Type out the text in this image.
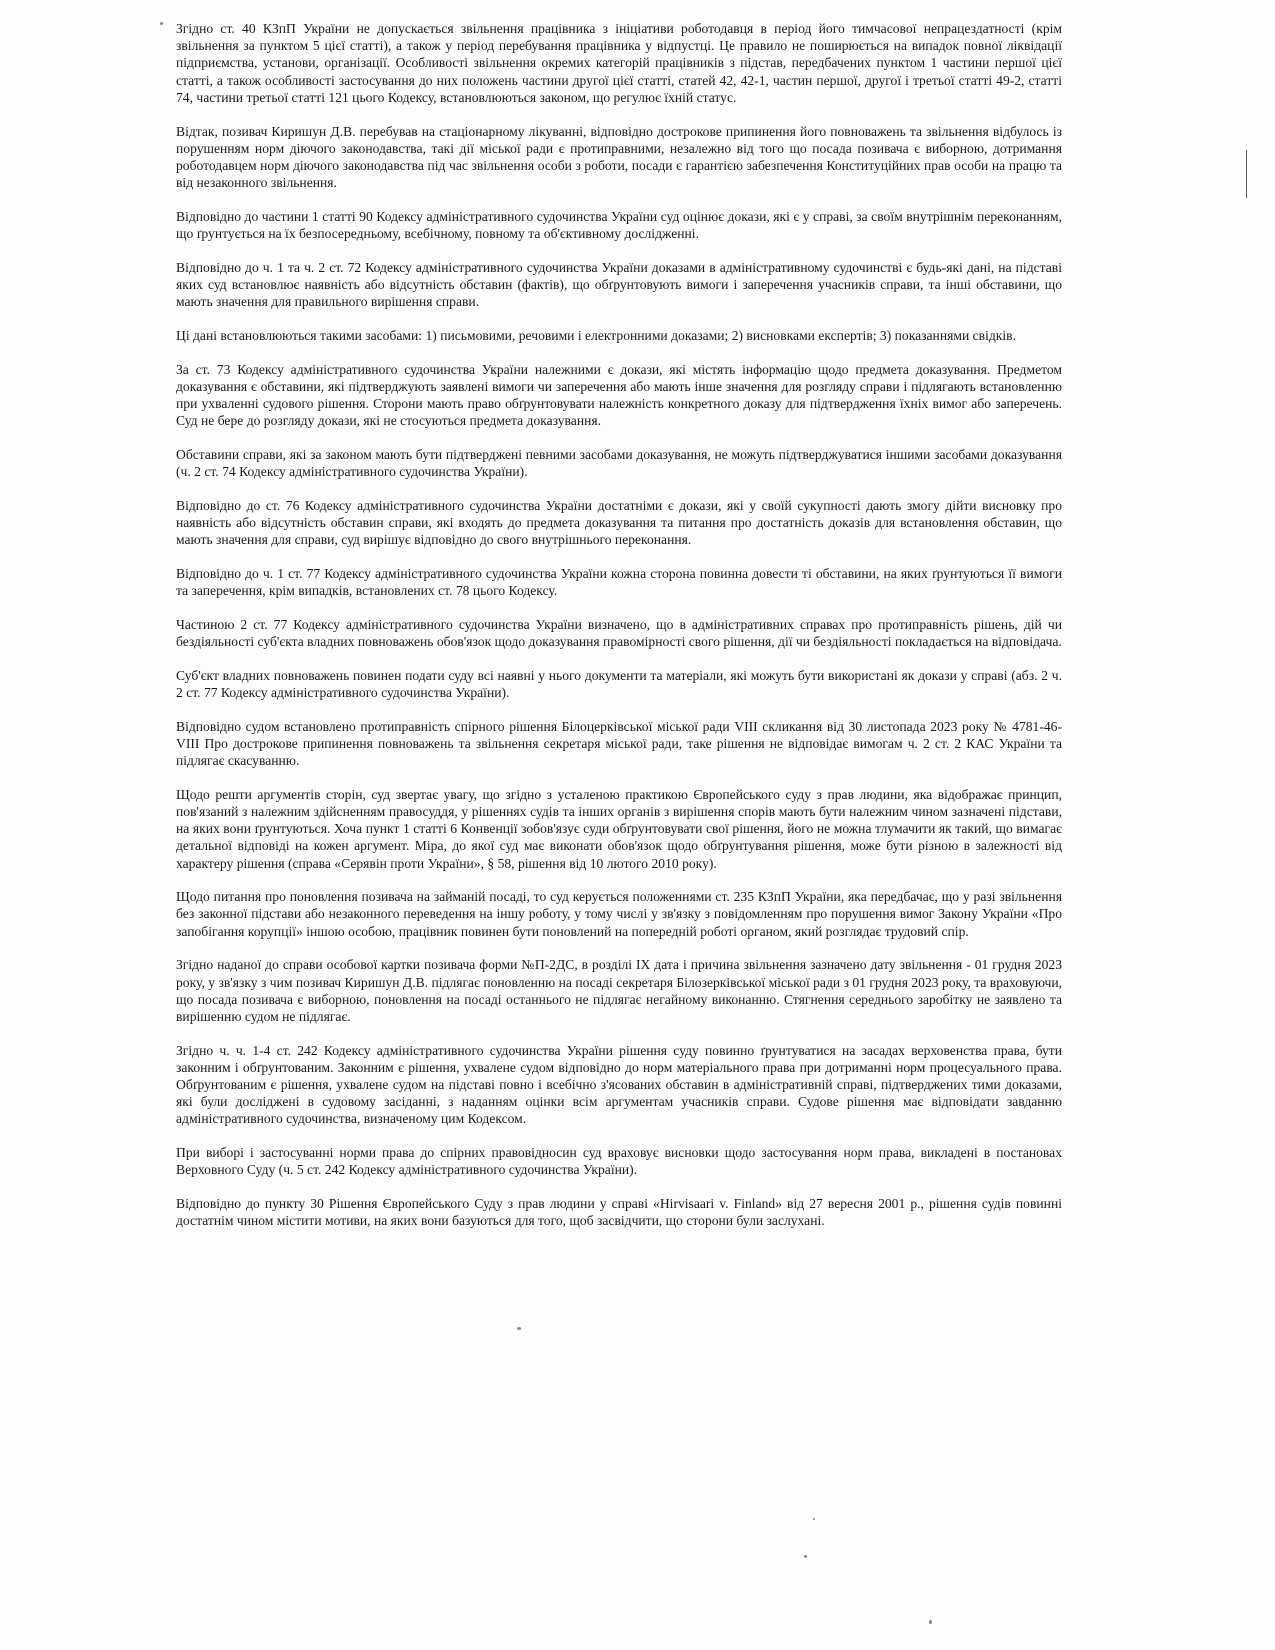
Згідно ст. 40 КЗпП України не допускається звільнення працівника з ініціативи роботодавця в період його тимчасової непрацездатності (крім звільнення за пунктом 5 цієї статті), а також у період перебування працівника у відпустці. Це правило не поширюється на випадок повної ліквідації підприємства, установи, організації. Особливості звільнення окремих категорій працівників з підстав, передбачених пунктом 1 частини першої цієї статті, а також особливості застосування до них положень частини другої цієї статті, статей 42, 42-1, частин першої, другої і третьої статті 49-2, статті 74, частини третьої статті 121 цього Кодексу, встановлюються законом, що регулює їхній статус.

Відтак, позивач Киришун Д.В. перебував на стаціонарному лікуванні, відповідно дострокове припинення його повноважень та звільнення відбулось із порушенням норм діючого законодавства, такі дії міської ради є протиправними, незалежно від того що посада позивача є виборною, дотримання роботодавцем норм діючого законодавства під час звільнення особи з роботи, посади є гарантією забезпечення Конституційних прав особи на працю та від незаконного звільнення.

Відповідно до частини 1 статті 90 Кодексу адміністративного судочинства України суд оцінює докази, які є у справі, за своїм внутрішнім переконанням, що ґрунтується на їх безпосередньому, всебічному, повному та об'єктивному дослідженні.

Відповідно до ч. 1 та ч. 2 ст. 72 Кодексу адміністративного судочинства України доказами в адміністративному судочинстві є будь-які дані, на підставі яких суд встановлює наявність або відсутність обставин (фактів), що обґрунтовують вимоги і заперечення учасників справи, та інші обставини, що мають значення для правильного вирішення справи.

Ці дані встановлюються такими засобами: 1) письмовими, речовими і електронними доказами; 2) висновками експертів; 3) показаннями свідків.

За ст. 73 Кодексу адміністративного судочинства України належними є докази, які містять інформацію щодо предмета доказування. Предметом доказування є обставини, які підтверджують заявлені вимоги чи заперечення або мають інше значення для розгляду справи і підлягають встановленню при ухваленні судового рішення. Сторони мають право обґрунтовувати належність конкретного доказу для підтвердження їхніх вимог або заперечень. Суд не бере до розгляду докази, які не стосуються предмета доказування.

Обставини справи, які за законом мають бути підтверджені певними засобами доказування, не можуть підтверджуватися іншими засобами доказування (ч. 2 ст. 74 Кодексу адміністративного судочинства України).

Відповідно до ст. 76 Кодексу адміністративного судочинства України достатніми є докази, які у своїй сукупності дають змогу дійти висновку про наявність або відсутність обставин справи, які входять до предмета доказування та питання про достатність доказів для встановлення обставин, що мають значення для справи, суд вирішує відповідно до свого внутрішнього переконання.

Відповідно до ч. 1 ст. 77 Кодексу адміністративного судочинства України кожна сторона повинна довести ті обставини, на яких ґрунтуються її вимоги та заперечення, крім випадків, встановлених ст. 78 цього Кодексу.

Частиною 2 ст. 77 Кодексу адміністративного судочинства України визначено, що в адміністративних справах про протиправність рішень, дій чи бездіяльності суб'єкта владних повноважень обов'язок щодо доказування правомірності свого рішення, дії чи бездіяльності покладається на відповідача.

Суб'єкт владних повноважень повинен подати суду всі наявні у нього документи та матеріали, які можуть бути використані як докази у справі (абз. 2 ч. 2 ст. 77 Кодексу адміністративного судочинства України).

Відповідно судом встановлено протиправність спірного рішення Білоцерківської міської ради VIII скликання від 30 листопада 2023 року № 4781-46-VIII Про дострокове припинення повноважень та звільнення секретаря міської ради, таке рішення не відповідає вимогам ч. 2 ст. 2 КАС України та підлягає скасуванню.

Щодо решти аргументів сторін, суд звертає увагу, що згідно з усталеною практикою Європейського суду з прав людини, яка відображає принцип, пов'язаний з належним здійсненням правосуддя, у рішеннях судів та інших органів з вирішення спорів мають бути належним чином зазначені підстави, на яких вони ґрунтуються. Хоча пункт 1 статті 6 Конвенції зобов'язує суди обґрунтовувати свої рішення, його не можна тлумачити як такий, що вимагає детальної відповіді на кожен аргумент. Міра, до якої суд має виконати обов'язок щодо обґрунтування рішення, може бути різною в залежності від характеру рішення (справа «Серявін проти України», § 58, рішення від 10 лютого 2010 року).

Щодо питання про поновлення позивача на займаній посаді, то суд керується положеннями ст. 235 КЗпП України, яка передбачає, що у разі звільнення без законної підстави або незаконного переведення на іншу роботу, у тому числі у зв'язку з повідомленням про порушення вимог Закону України «Про запобігання корупції» іншою особою, працівник повинен бути поновлений на попередній роботі органом, який розглядає трудовий спір.

Згідно наданої до справи особової картки позивача форми №П-2ДС, в розділі ІХ дата і причина звільнення зазначено дату звільнення - 01 грудня 2023 року, у зв'язку з чим позивач Киришун Д.В. підлягає поновленню на посаді секретаря Білозерківської міської ради з 01 грудня 2023 року, та враховуючи, що посада позивача є виборною, поновлення на посаді останнього не підлягає негайному виконанню. Стягнення середнього заробітку не заявлено та вирішенню судом не підлягає.

Згідно ч. ч. 1-4 ст. 242 Кодексу адміністративного судочинства України рішення суду повинно ґрунтуватися на засадах верховенства права, бути законним і обґрунтованим. Законним є рішення, ухвалене судом відповідно до норм матеріального права при дотриманні норм процесуального права. Обґрунтованим є рішення, ухвалене судом на підставі повно і всебічно з'ясованих обставин в адміністративній справі, підтверджених тими доказами, які були досліджені в судовому засіданні, з наданням оцінки всім аргументам учасників справи. Судове рішення має відповідати завданню адміністративного судочинства, визначеному цим Кодексом.

При виборі і застосуванні норми права до спірних правовідносин суд враховує висновки щодо застосування норм права, викладені в постановах Верховного Суду (ч. 5 ст. 242 Кодексу адміністративного судочинства України).

Відповідно до пункту 30 Рішення Європейського Суду з прав людини у справі «Hirvisaari v. Finland» від 27 вересня 2001 р., рішення судів повинні достатнім чином містити мотиви, на яких вони базуються для того, щоб засвідчити, що сторони були заслухані.
